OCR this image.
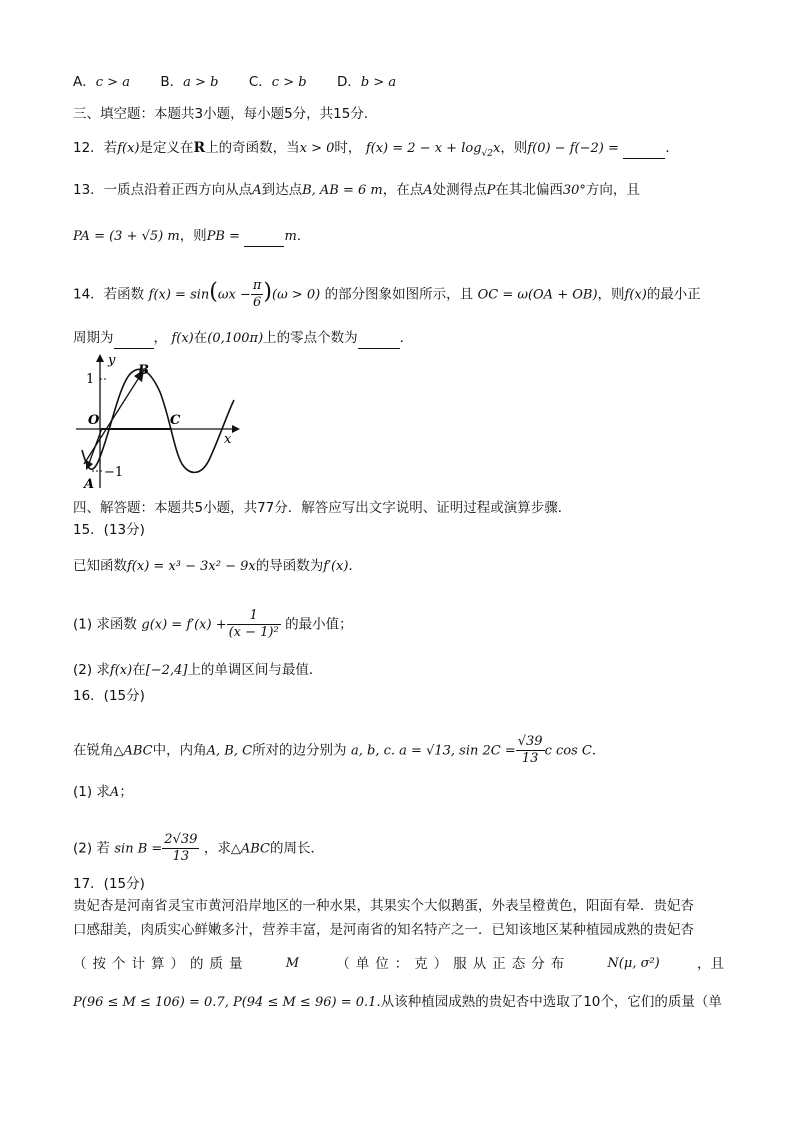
A．c > a B．a > b C．c > b D．b > a
三、填空题：本题共3小题，每小题5分，共15分．
12．若f(x)是定义在R上的奇函数，当x > 0时， $f(x) = 2 - x + \log_{√2}x$，则f(0) − f(−2) =	．
13．一质点沿着正西方向从点A到达点B, AB = 6 m，在点A处测得点P在其北偏西30°方向，且
PA = (3 + √5) m，则PB =	m．
14．若函数 $f(x) = \sin(\omega x - \frac{\pi}{6} )(\omega > 0)$ 的部分图象如图所示，且 OC = ω(OA + OB)，则f(x)的最小正
周期为	， f(x)在(0,100π)上的零点个数为	．
y
1
B
O	C
x
−1
A
四、解答题：本题共5小题，共77分．解答应写出文字说明、证明过程或演算步骤．
15．(13分)
已知函数f(x) = x³ − 3x² − 9x的导函数为f′(x)．
(1) 求函数 $g(x) = f'(x) + \frac{1}{\text{(x − 1)²}}$ 的最小值；
(2) 求f(x)在[−2,4]上的单调区间与最值．
16．(15分)
在锐角△ABC中，内角A, B, C所对的边分别为 a, b, c. a = √13, $\sin 2C = \frac{√39}{13}$ c cos C．
(1) 求A；
(2) 若 $\sin B = \frac{2√39}{13}$ ，求△ABC的周长．
17．(15分)
贵妃杏是河南省灵宝市黄河沿岸地区的一种水果，其果实个大似鹅蛋，外表呈橙黄色，阳面有晕．贵妃杏
口感甜美，肉质实心鲜嫩多汁，营养丰富，是河南省的知名特产之一．已知该地区某种植园成熟的贵妃杏
（按个计算）的质量	M	（单位：克）服从正态分布	N(μ, σ²)	，且
P(96 ≤ M ≤ 106) = 0.7, P(94 ≤ M ≤ 96) = 0.1.从该种植园成熟的贵妃杏中选取了10个，它们的质量（单
